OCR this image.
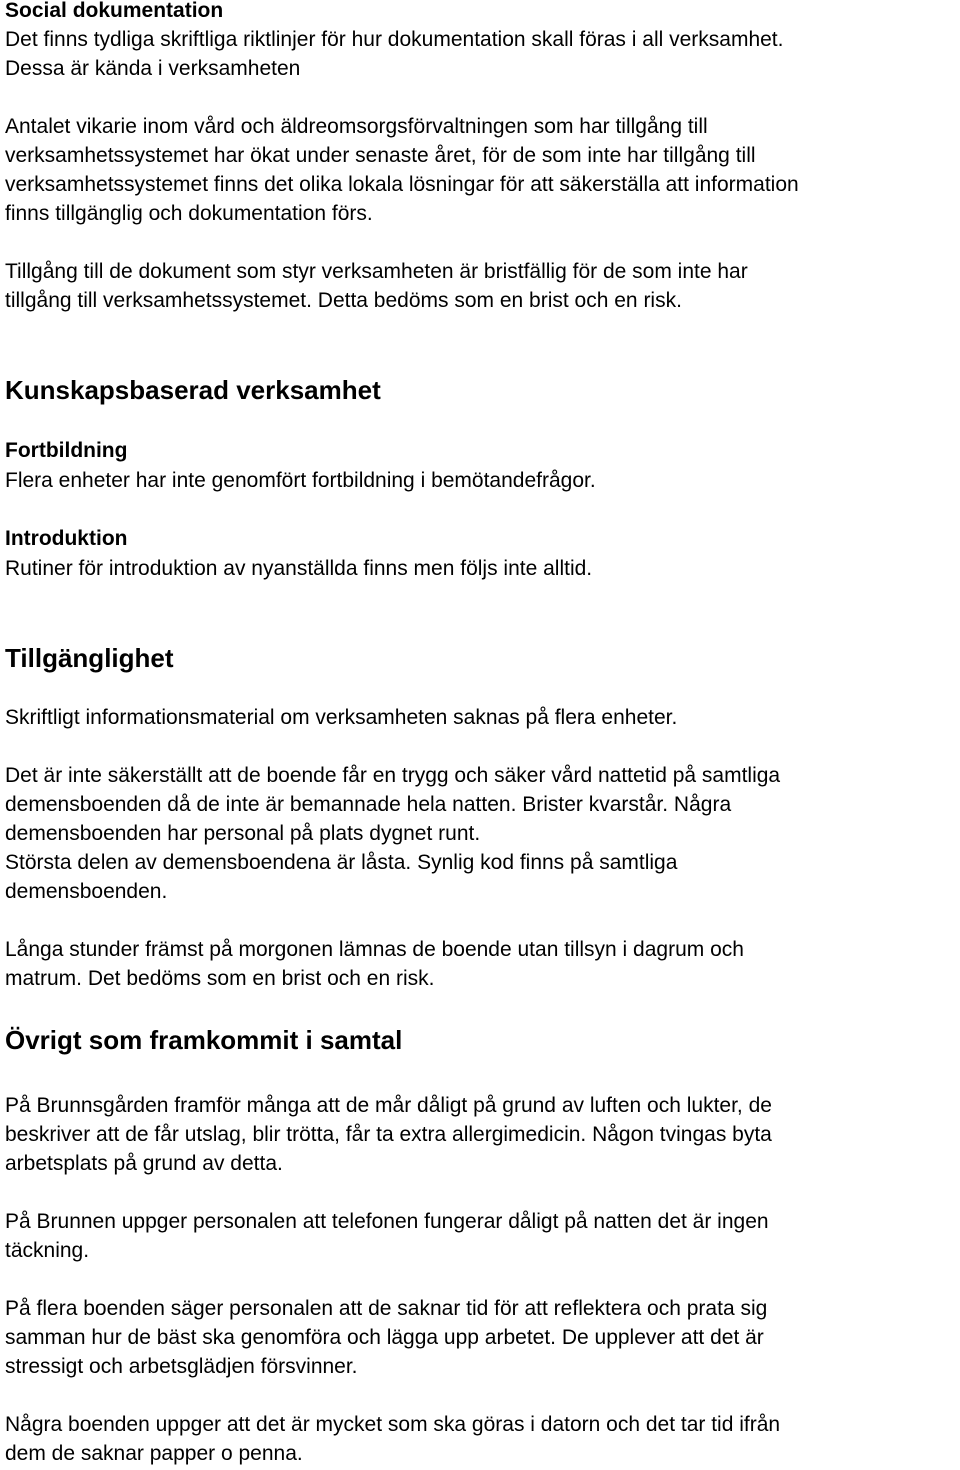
Social dokumentation
Det finns tydliga skriftliga riktlinjer för hur dokumentation skall föras i all verksamhet.
Dessa är kända i verksamheten
Antalet vikarie inom vård och äldreomsorgsförvaltningen som har tillgång till
verksamhetssystemet har ökat under senaste året, för de som inte har tillgång till
verksamhetssystemet finns det olika lokala lösningar för att säkerställa att information
finns tillgänglig och dokumentation förs.
Tillgång till de dokument som styr verksamheten är bristfällig för de som inte har
tillgång till verksamhetssystemet. Detta bedöms som en brist och en risk.
Kunskapsbaserad verksamhet
Fortbildning
Flera enheter har inte genomfört fortbildning i bemötandefrågor.
Introduktion
Rutiner för introduktion av nyanställda finns men följs inte alltid.
Tillgänglighet
Skriftligt informationsmaterial om verksamheten saknas på flera enheter.
Det är inte säkerställt att de boende får en trygg och säker vård nattetid på samtliga
demensboenden då de inte är bemannade hela natten. Brister kvarstår. Några
demensboenden har personal på plats dygnet runt.
Största delen av demensboendena är låsta. Synlig kod finns på samtliga
demensboenden.
Långa stunder främst på morgonen lämnas de boende utan tillsyn i dagrum och
matrum. Det bedöms som en brist och en risk.
Övrigt som framkommit i samtal
På Brunnsgården framför många att de mår dåligt på grund av luften och lukter, de
beskriver att de får utslag, blir trötta, får ta extra allergimedicin. Någon tvingas byta
arbetsplats på grund av detta.
På Brunnen uppger personalen att telefonen fungerar dåligt på natten det är ingen
täckning.
På flera boenden säger personalen att de saknar tid för att reflektera och prata sig
samman hur de bäst ska genomföra och lägga upp arbetet. De upplever att det är
stressigt och arbetsglädjen försvinner.
Några boenden uppger att det är mycket som ska göras i datorn och det tar tid ifrån
dem de saknar papper o penna.
